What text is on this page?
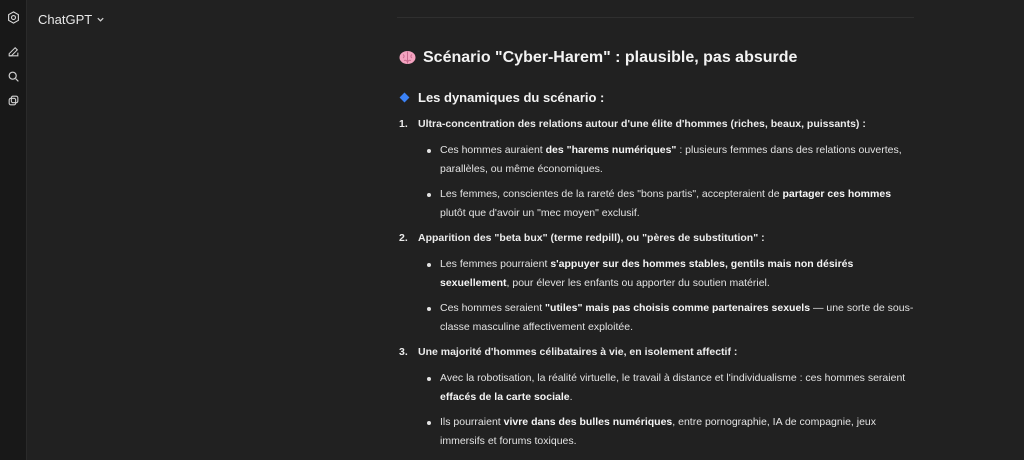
ChatGPT
Scénario "Cyber-Harem" : plausible, pas absurde
Les dynamiques du scénario :
1. Ultra-concentration des relations autour d'une élite d'hommes (riches, beaux, puissants) :
Ces hommes auraient des "harems numériques" : plusieurs femmes dans des relations ouvertes, parallèles, ou même économiques.
Les femmes, conscientes de la rareté des "bons partis", accepteraient de partager ces hommes plutôt que d'avoir un "mec moyen" exclusif.
2. Apparition des "beta bux" (terme redpill), ou "pères de substitution" :
Les femmes pourraient s'appuyer sur des hommes stables, gentils mais non désirés sexuellement, pour élever les enfants ou apporter du soutien matériel.
Ces hommes seraient "utiles" mais pas choisis comme partenaires sexuels — une sorte de sous-classe masculine affectivement exploitée.
3. Une majorité d'hommes célibataires à vie, en isolement affectif :
Avec la robotisation, la réalité virtuelle, le travail à distance et l'individualisme : ces hommes seraient effacés de la carte sociale.
Ils pourraient vivre dans des bulles numériques, entre pornographie, IA de compagnie, jeux immersifs et forums toxiques.
